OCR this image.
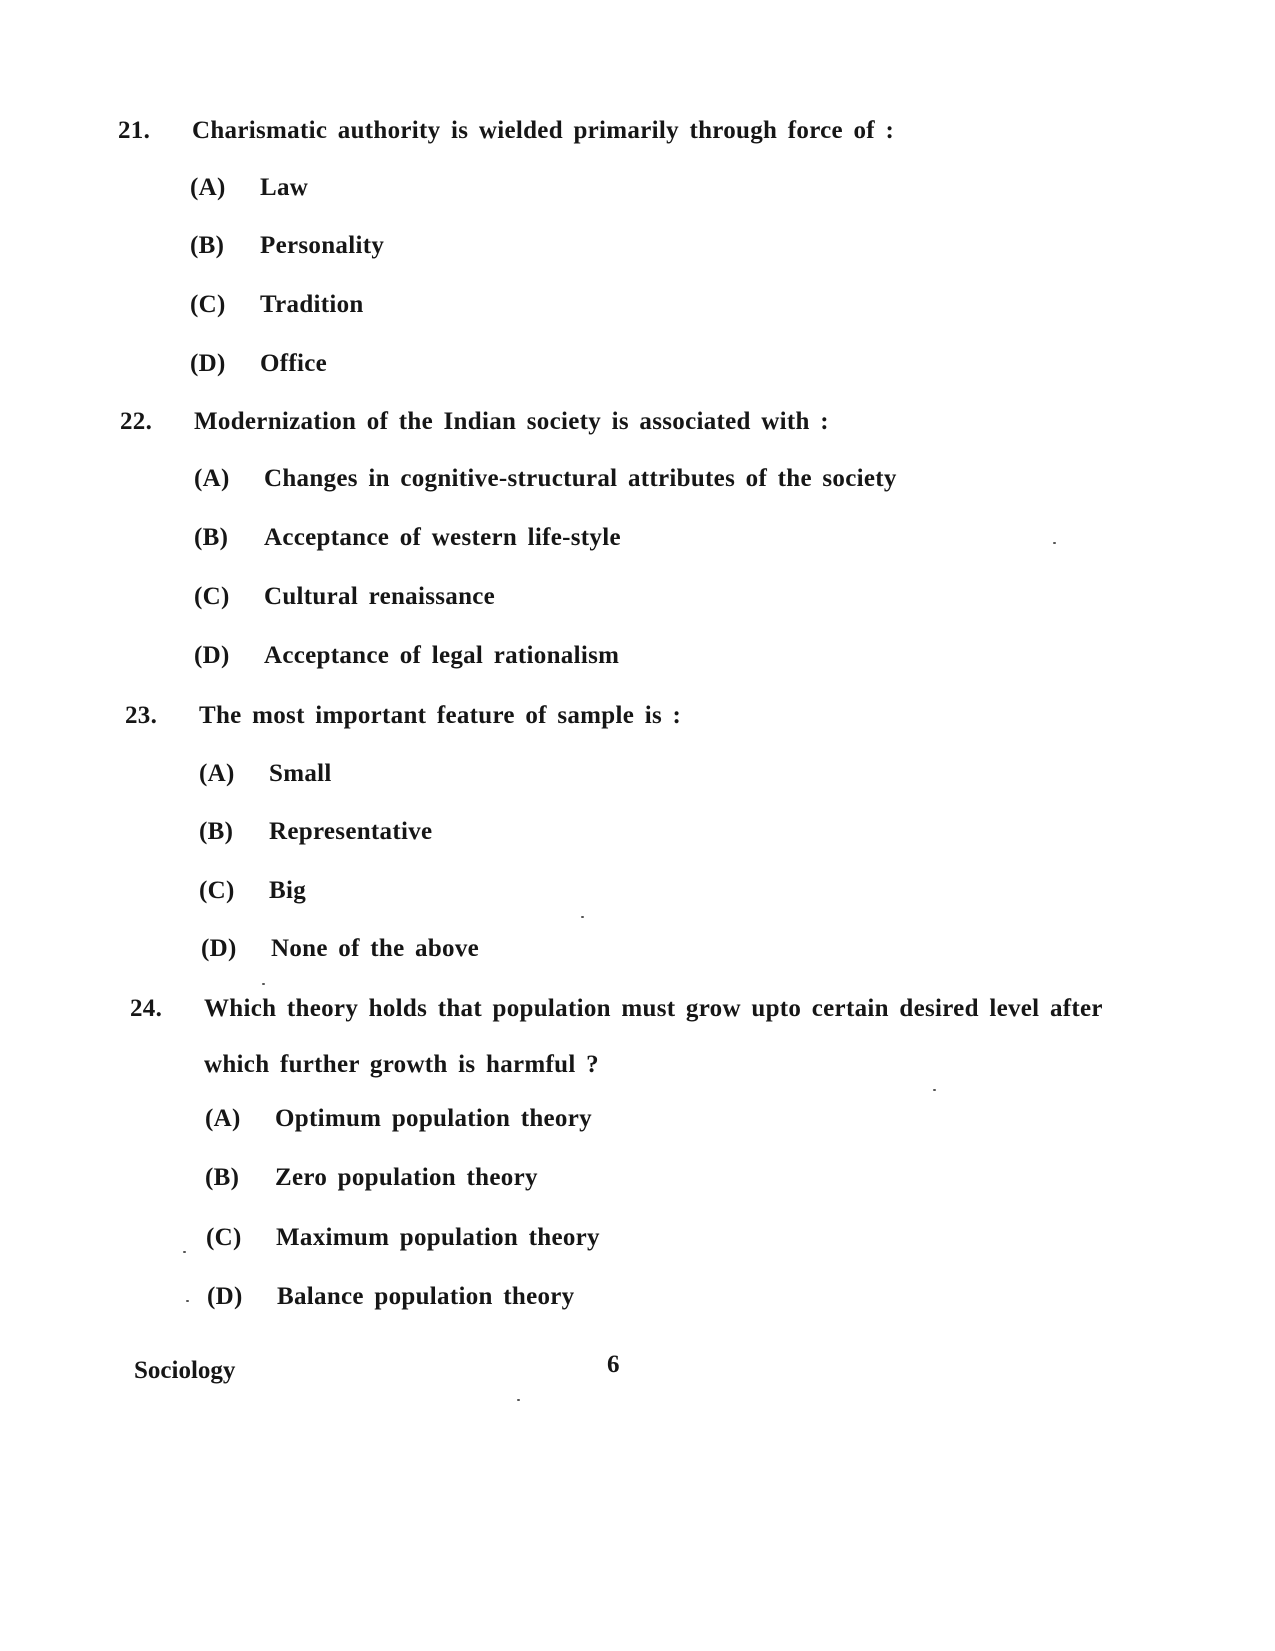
21. Charismatic authority is wielded primarily through force of :
(A) Law
(B) Personality
(C) Tradition
(D) Office
22. Modernization of the Indian society is associated with :
(A) Changes in cognitive-structural attributes of the society
(B) Acceptance of western life-style
(C) Cultural renaissance
(D) Acceptance of legal rationalism
23. The most important feature of sample is :
(A) Small
(B) Representative
(C) Big
(D) None of the above
24. Which theory holds that population must grow upto certain desired level after
which further growth is harmful ?
(A) Optimum population theory
(B) Zero population theory
(C) Maximum population theory
(D) Balance population theory
Sociology	6
